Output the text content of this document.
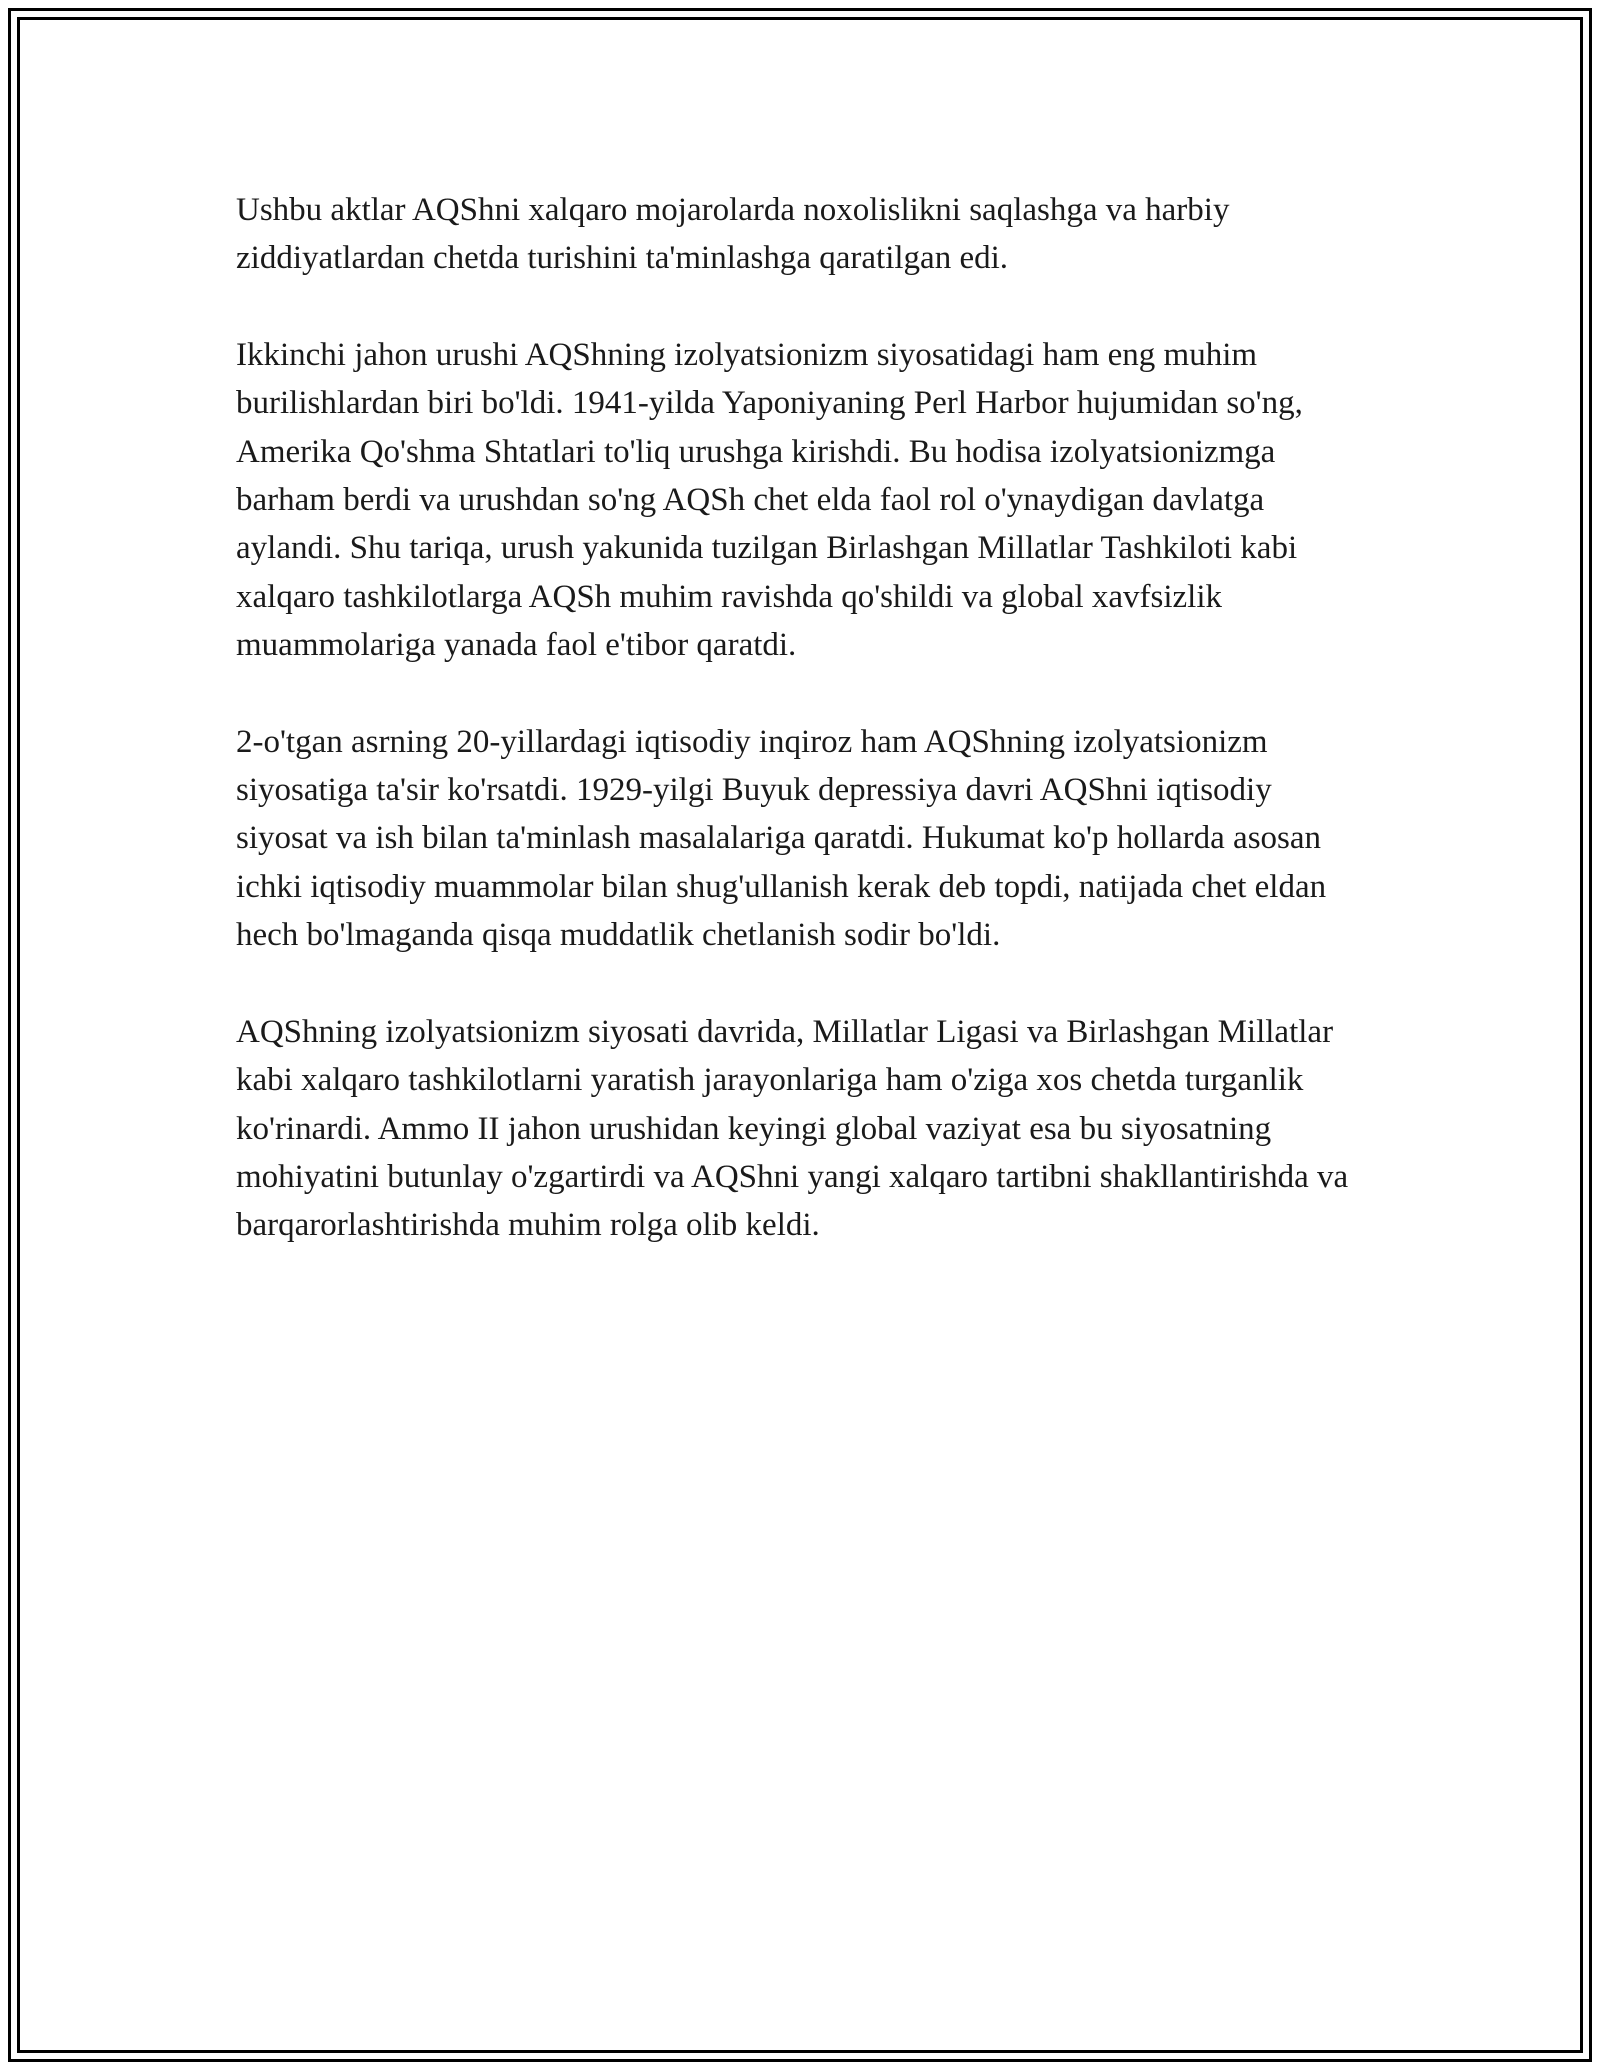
Ushbu aktlar AQShni xalqaro mojarolarda noxolislikni saqlashga va harbiy ziddiyatlardan chetda turishini ta'minlashga qaratilgan edi.

Ikkinchi jahon urushi AQShning izolyatsionizm siyosatidagi ham eng muhim burilishlardan biri bo'ldi. 1941-yilda Yaponiyaning Perl Harbor hujumidan so'ng, Amerika Qo'shma Shtatlari to'liq urushga kirishdi. Bu hodisa izolyatsionizmga barham berdi va urushdan so'ng AQSh chet elda faol rol o'ynaydigan davlatga aylandi. Shu tariqa, urush yakunida tuzilgan Birlashgan Millatlar Tashkiloti kabi xalqaro tashkilotlarga AQSh muhim ravishda qo'shildi va global xavfsizlik muammolariga yanada faol e'tibor qaratdi.

2-o'tgan asrning 20-yillardagi iqtisodiy inqiroz ham AQShning izolyatsionizm siyosatiga ta'sir ko'rsatdi. 1929-yilgi Buyuk depressiya davri AQShni iqtisodiy siyosat va ish bilan ta'minlash masalalariga qaratdi. Hukumat ko'p hollarda asosan ichki iqtisodiy muammolar bilan shug'ullanish kerak deb topdi, natijada chet eldan hech bo'lmaganda qisqa muddatlik chetlanish sodir bo'ldi.

AQShning izolyatsionizm siyosati davrida, Millatlar Ligasi va Birlashgan Millatlar kabi xalqaro tashkilotlarni yaratish jarayonlariga ham o'ziga xos chetda turganlik ko'rinardi. Ammo II jahon urushidan keyingi global vaziyat esa bu siyosatning mohiyatini butunlay o'zgartirdi va AQShni yangi xalqaro tartibni shakllantirishda va barqarorlashtirishda muhim rolga olib keldi.
